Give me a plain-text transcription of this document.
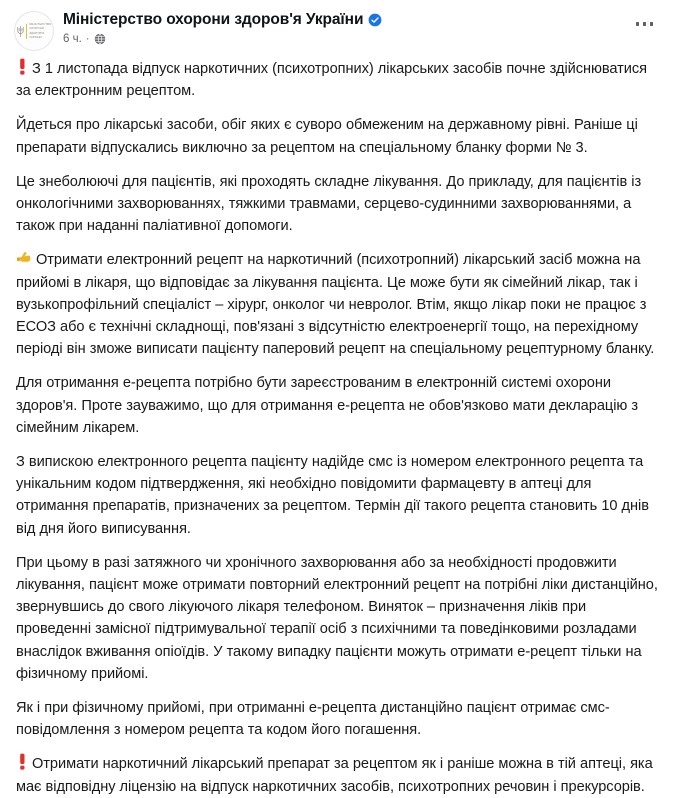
МІНІСТЕРСТВО
ОХОРОНИ
ЗДОРОВ'Я
УКРАЇНИ
Міністерство охорони здоров'я України
6 ч. ·

З 1 листопада відпуск наркотичних (психотропних) лікарських засобів почне здійснюватися за електронним рецептом.

Йдеться про лікарські засоби, обіг яких є суворо обмеженим на державному рівні. Раніше ці препарати відпускались виключно за рецептом на спеціальному бланку форми № 3.

Це знеболюючі для пацієнтів, які проходять складне лікування. До прикладу, для пацієнтів із онкологічними захворюваннях, тяжкими травмами, серцево-судинними захворюваннями, а також при наданні паліативної допомоги.

Отримати електронний рецепт на наркотичний (психотропний) лікарський засіб можна на прийомі в лікаря, що відповідає за лікування пацієнта. Це може бути як сімейний лікар, так і вузькопрофільний спеціаліст – хірург, онколог чи невролог. Втім, якщо лікар поки не працює з ЕСОЗ або є технічні складнощі, пов'язані з відсутністю електроенергії тощо, на перехідному періоді він зможе виписати пацієнту паперовий рецепт на спеціальному рецептурному бланку.

Для отримання е-рецепта потрібно бути зареєстрованим в електронній системі охорони здоров'я. Проте зауважимо, що для отримання е-рецепта не обов'язково мати декларацію з сімейним лікарем.

З випискою електронного рецепта пацієнту надійде смс із номером електронного рецепта та унікальним кодом підтвердження, які необхідно повідомити фармацевту в аптеці для отримання препаратів, призначених за рецептом. Термін дії такого рецепта становить 10 днів від дня його виписування.

При цьому в разі затяжного чи хронічного захворювання або за необхідності продовжити лікування, пацієнт може отримати повторний електронний рецепт на потрібні ліки дистанційно, звернувшись до свого лікуючого лікаря телефоном. Виняток – призначення ліків при проведенні замісної підтримувальної терапії осіб з психічними та поведінковими розладами внаслідок вживання опіоїдів. У такому випадку пацієнти можуть отримати е-рецепт тільки на фізичному прийомі.

Як і при фізичному прийомі, при отриманні е-рецепта дистанційно пацієнт отримає смс-повідомлення з номером рецепта та кодом його погашення.

Отримати наркотичний лікарський препарат за рецептом як і раніше можна в тій аптеці, яка має відповідну ліцензію на відпуск наркотичних засобів, психотропних речовин і прекурсорів.
